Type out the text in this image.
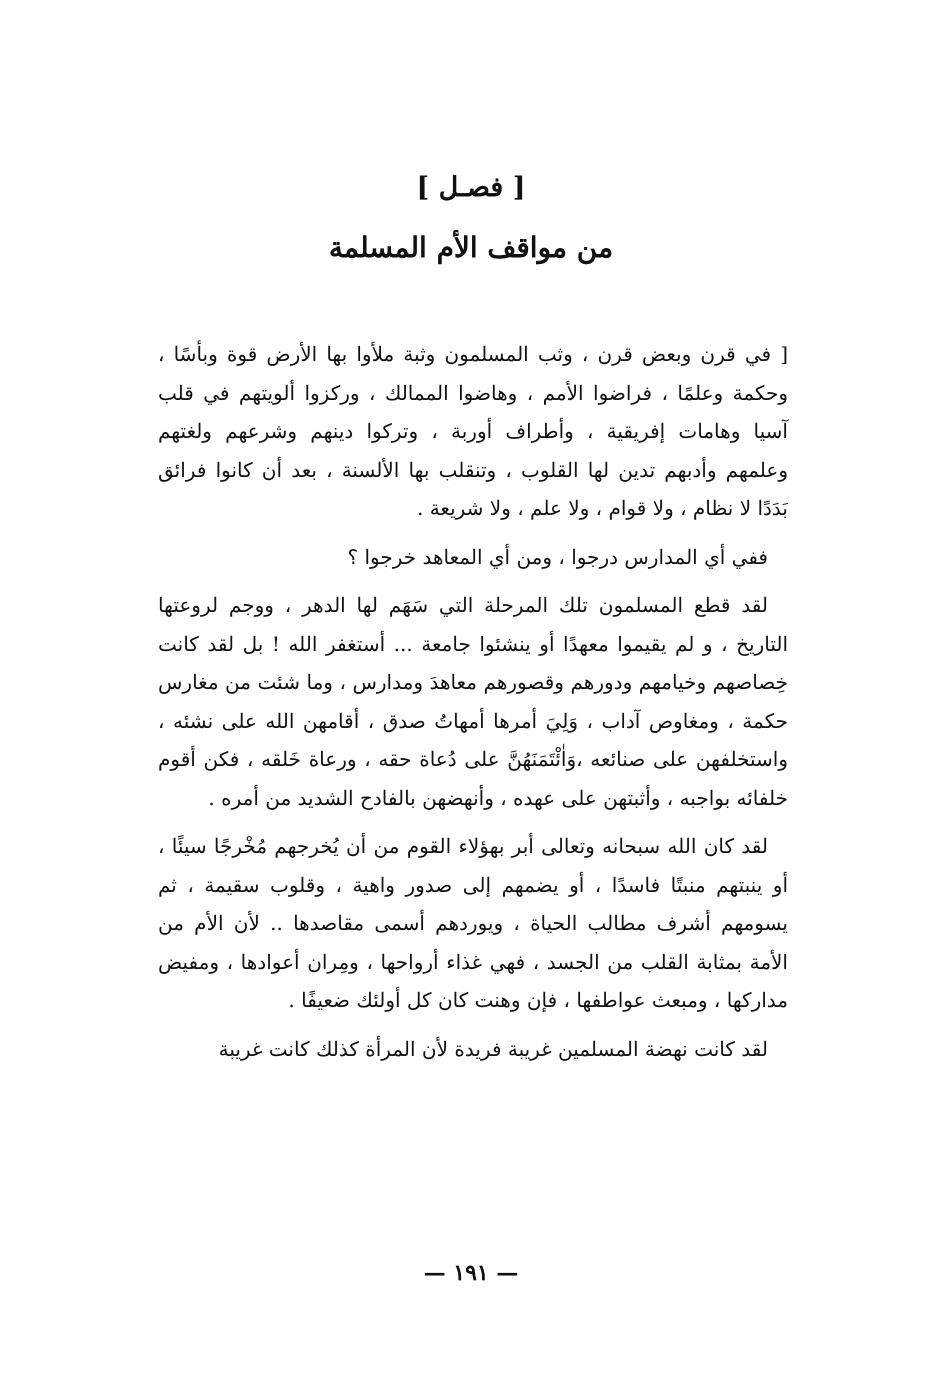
[ فصـل ]
من مواقف الأم المسلمة

[ في قرن وبعض قرن ، وثب المسلمون وثبة ملأوا بها الأرض قوة وبأسًا ، وحكمة وعلمًا ، فراضوا الأمم ، وهاضوا الممالك ، وركزوا ألويتهم في قلب آسيا وهامات إفريقية ، وأطراف أوربة ، وتركوا دينهم وشرعهم ولغتهم وعلمهم وأدبهم تدين لها القلوب ، وتنقلب بها الألسنة ، بعد أن كانوا فرائق بَدَدًا لا نظام ، ولا قوام ، ولا علم ، ولا شريعة .

ففي أي المدارس درجوا ، ومن أي المعاهد خرجوا ؟

لقد قطع المسلمون تلك المرحلة التي سَهَم لها الدهر ، ووجم لروعتها التاريخ ، و لم يقيموا معهدًا أو ينشئوا جامعة ... أستغفر الله ! بل لقد كانت خِصاصهم وخيامهم ودورهم وقصورهم معاهدَ ومدارس ، وما شئت من مغارس حكمة ، ومغاوص آداب ، وَلِيَ أمرها أمهاتُ صدق ، أقامهن الله على نشئه ، واستخلفهن على صنائعه ،وَاٰئْتَمَنَهُنَّ على دُعاة حقه ، ورعاة خَلقه ، فكن أقوم خلفائه بواجبه ، وأثبتهن على عهده ، وأنهضهن بالفادح الشديد من أمره .

لقد كان الله سبحانه وتعالى أبر بهؤلاء القوم من أن يُخرجهم مُخْرجًا سيئًا ، أو ينبتهم منبتًا فاسدًا ، أو يضمهم إلى صدور واهية ، وقلوب سقيمة ، ثم يسومهم أشرف مطالب الحياة ، ويوردهم أسمى مقاصدها .. لأن الأم من الأمة بمثابة القلب من الجسد ، فهي غذاء أرواحها ، ومِران أعوادها ، ومفيض مداركها ، ومبعث عواطفها ، فإن وهنت كان كل أولئك ضعيفًا .

لقد كانت نهضة المسلمين غريبة فريدة لأن المرأة كذلك كانت غريبة

— ١٩١ —
